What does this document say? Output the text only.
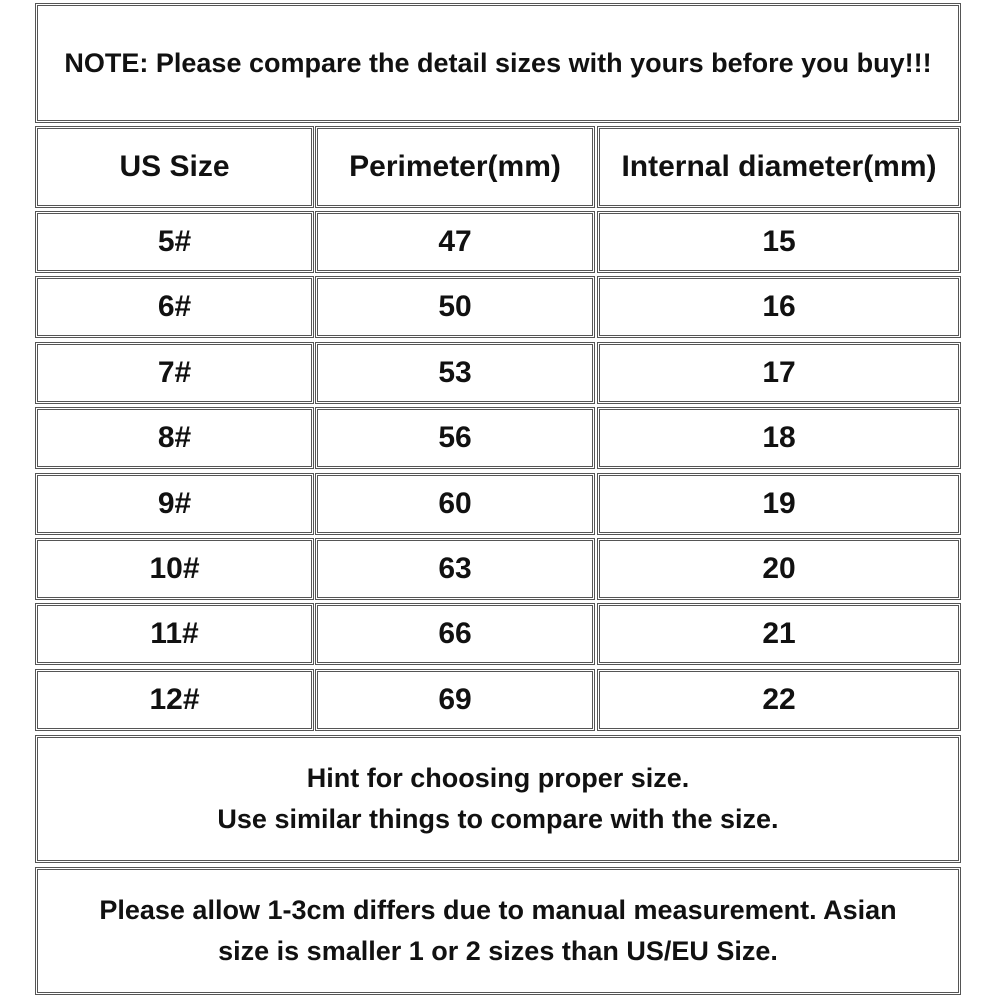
NOTE: Please compare the detail sizes with yours before you buy!!!
US Size	Perimeter(mm)	Internal diameter(mm)
5#	47	15
6#	50	16
7#	53	17
8#	56	18
9#	60	19
10#	63	20
11#	66	21
12#	69	22
Hint for choosing proper size.
Use similar things to compare with the size.
Please allow 1-3cm differs due to manual measurement. Asian
size is smaller 1 or 2 sizes than US/EU Size.
